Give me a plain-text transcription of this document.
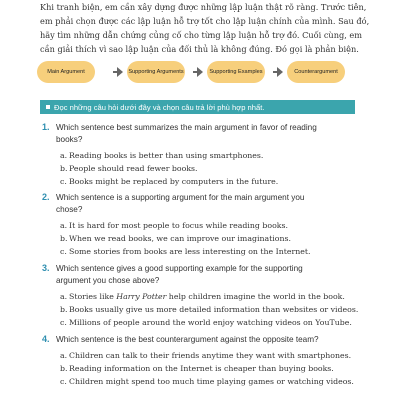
Khi tranh biện, em cần xây dựng được những lập luận thật rõ ràng. Trước tiên,

em phải chọn được các lập luận hỗ trợ tốt cho lập luận chính của mình. Sau đó,

hãy tìm những dẫn chứng củng cố cho từng lập luận hỗ trợ đó. Cuối cùng, em

cần giải thích vì sao lập luận của đối thủ là không đúng. Đó gọi là phản biện.

Main Argument	Supporting Arguments	Supporting Examples	Counterargument
Đọc những câu hỏi dưới đây và chọn câu trả lời phù hợp nhất.
1. Which sentence best summarizes the main argument in favor of reading
books?
a. Reading books is better than using smartphones.
b. People should read fewer books.
c. Books might be replaced by computers in the future.
2. Which sentence is a supporting argument for the main argument you
chose?
a. It is hard for most people to focus while reading books.
b. When we read books, we can improve our imaginations.
c. Some stories from books are less interesting on the Internet.
3. Which sentence gives a good supporting example for the supporting
argument you chose above?
a. Stories like Harry Potter help children imagine the world in the book.
b. Books usually give us more detailed information than websites or videos.
c. Millions of people around the world enjoy watching videos on YouTube.
4. Which sentence is the best counterargument against the opposite team?
a. Children can talk to their friends anytime they want with smartphones.
b. Reading information on the Internet is cheaper than buying books.
c. Children might spend too much time playing games or watching videos.
